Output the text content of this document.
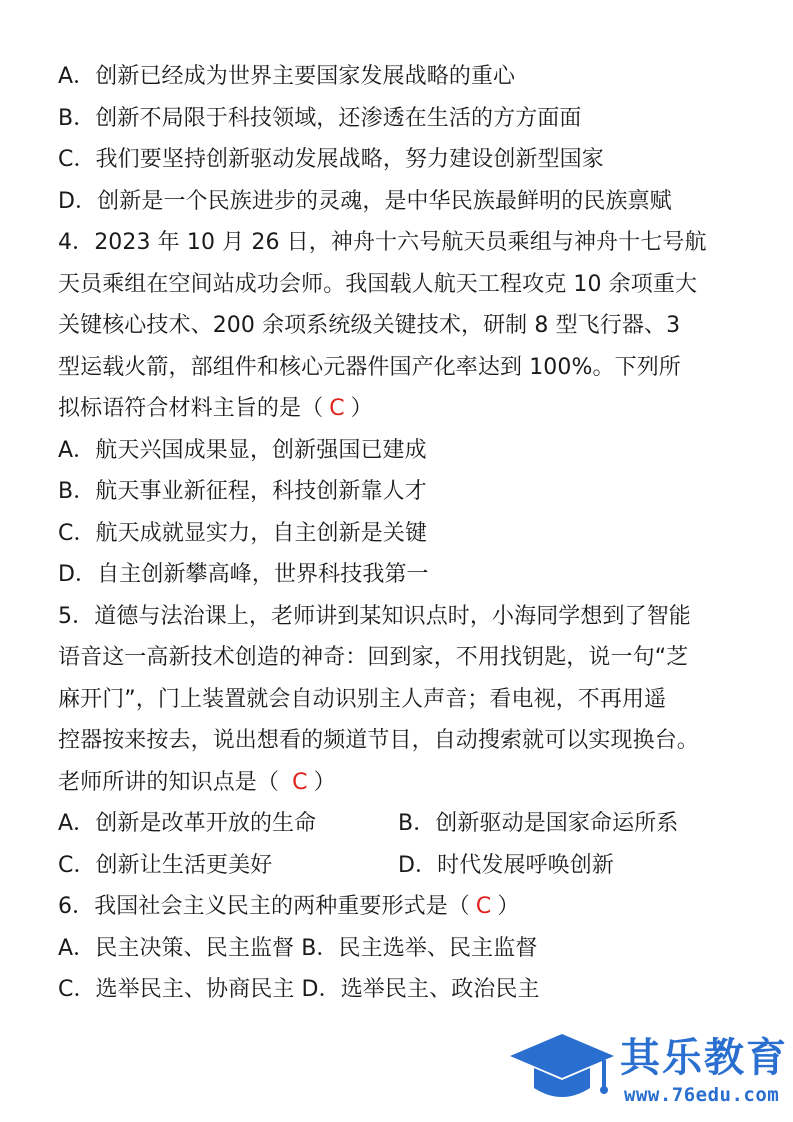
A．创新已经成为世界主要国家发展战略的重心
B．创新不局限于科技领域，还渗透在生活的方方面面
C．我们要坚持创新驱动发展战略，努力建设创新型国家
D．创新是一个民族进步的灵魂，是中华民族最鲜明的民族禀赋
4．2023 年 10 月 26 日，神舟十六号航天员乘组与神舟十七号航
天员乘组在空间站成功会师。我国载人航天工程攻克 10 余项重大
关键核心技术、200 余项系统级关键技术，研制 8 型飞行器、3
型运载火箭，部组件和核心元器件国产化率达到 100%。下列所
拟标语符合材料主旨的是（ C ）
A．航天兴国成果显，创新强国已建成
B．航天事业新征程，科技创新靠人才
C．航天成就显实力，自主创新是关键
D．自主创新攀高峰，世界科技我第一
5．道德与法治课上，老师讲到某知识点时，小海同学想到了智能
语音这一高新技术创造的神奇：回到家，不用找钥匙，说一句“芝
麻开门”，门上装置就会自动识别主人声音；看电视，不再用遥
控器按来按去，说出想看的频道节目，自动搜索就可以实现换台。
老师所讲的知识点是（ C ）
A．创新是改革开放的生命	B．创新驱动是国家命运所系
C．创新让生活更美好	D．时代发展呼唤创新
6．我国社会主义民主的两种重要形式是（ C ）
A．民主决策、民主监督 B．民主选举、民主监督
C．选举民主、协商民主 D．选举民主、政治民主
其乐教育
www.76edu.com
